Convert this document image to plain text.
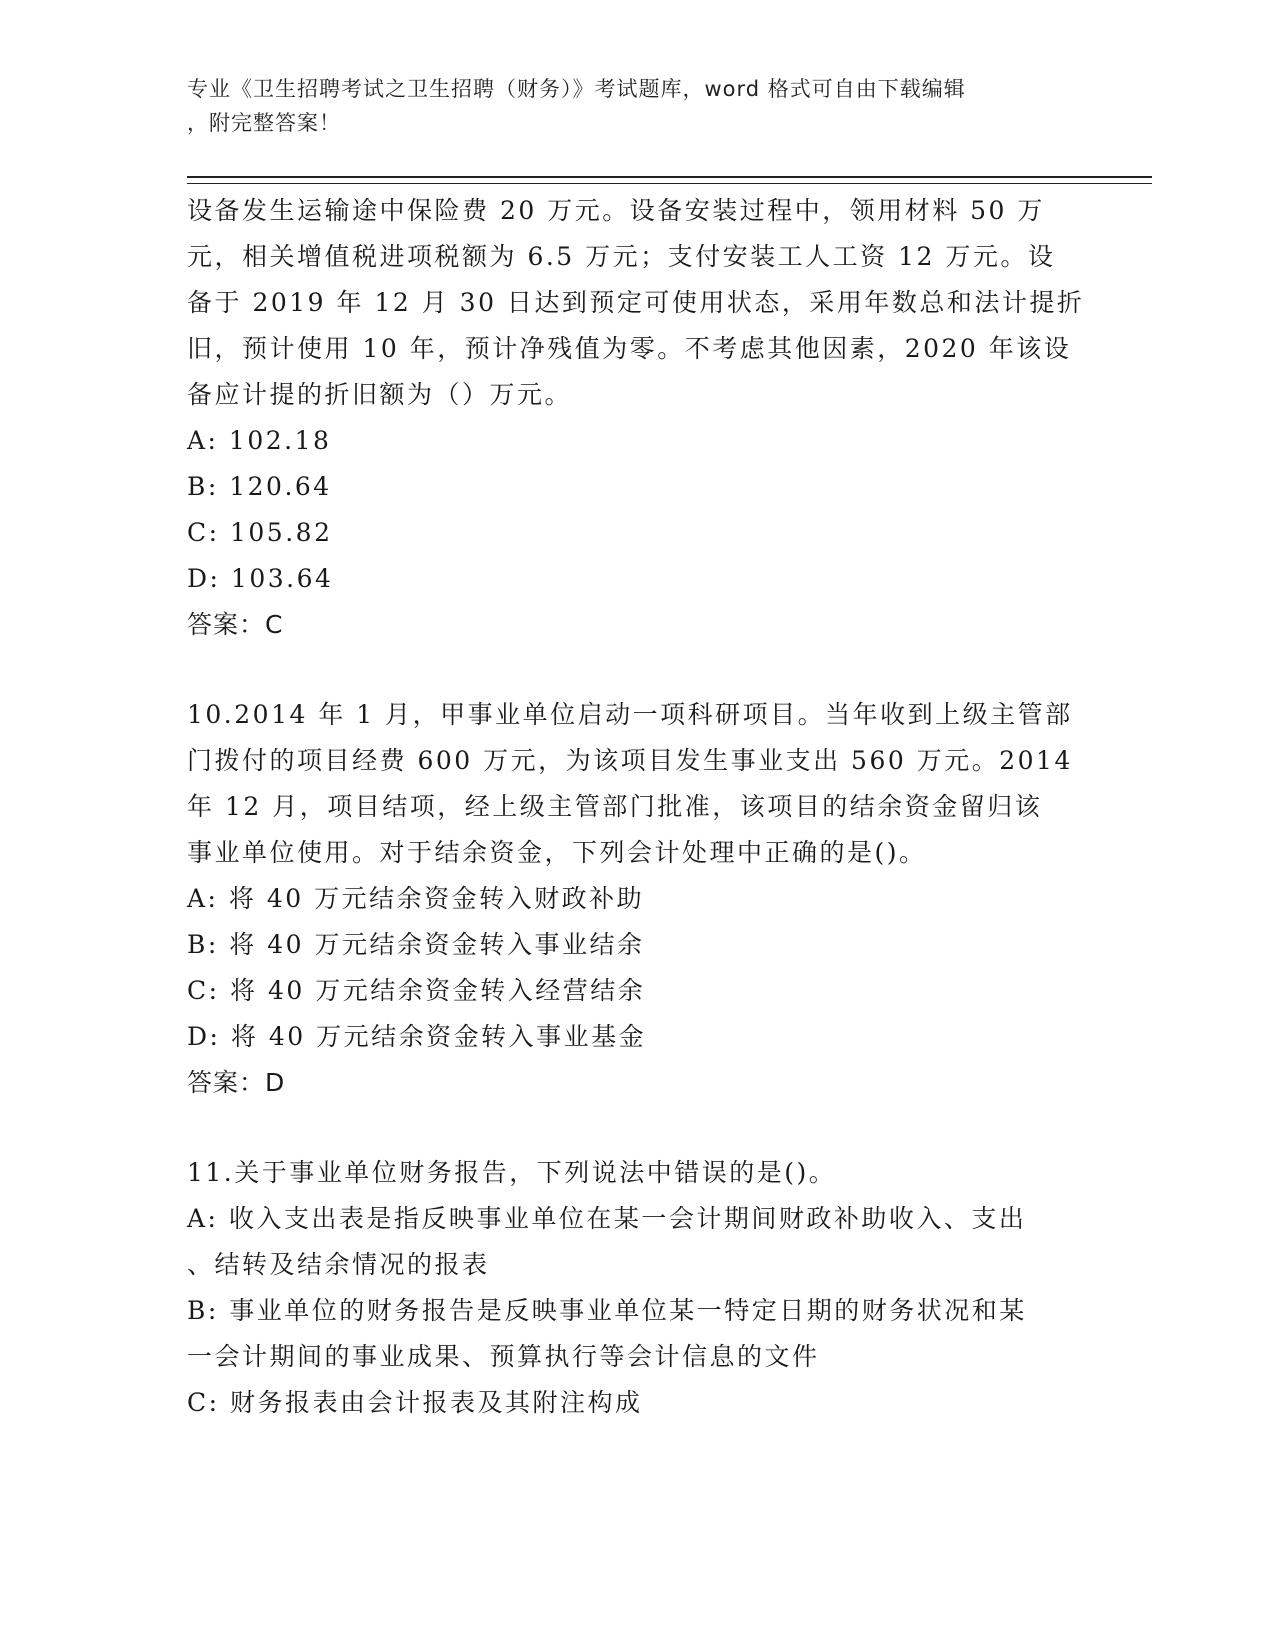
专业《卫生招聘考试之卫生招聘（财务）》考试题库，word 格式可自由下载编辑
，附完整答案！
设备发生运输途中保险费 20 万元。设备安装过程中，领用材料 50 万
元，相关增值税进项税额为 6.5 万元；支付安装工人工资 12 万元。设
备于 2019 年 12 月 30 日达到预定可使用状态，采用年数总和法计提折
旧，预计使用 10 年，预计净残值为零。不考虑其他因素，2020 年该设
备应计提的折旧额为（）万元。
A: 102.18
B: 120.64
C: 105.82
D: 103.64
答案：C
10.2014 年 1 月，甲事业单位启动一项科研项目。当年收到上级主管部
门拨付的项目经费 600 万元，为该项目发生事业支出 560 万元。2014
年 12 月，项目结项，经上级主管部门批准，该项目的结余资金留归该
事业单位使用。对于结余资金，下列会计处理中正确的是()。
A: 将 40 万元结余资金转入财政补助
B: 将 40 万元结余资金转入事业结余
C: 将 40 万元结余资金转入经营结余
D: 将 40 万元结余资金转入事业基金
答案：D
11.关于事业单位财务报告，下列说法中错误的是()。
A: 收入支出表是指反映事业单位在某一会计期间财政补助收入、支出
、结转及结余情况的报表
B: 事业单位的财务报告是反映事业单位某一特定日期的财务状况和某
一会计期间的事业成果、预算执行等会计信息的文件
C: 财务报表由会计报表及其附注构成
